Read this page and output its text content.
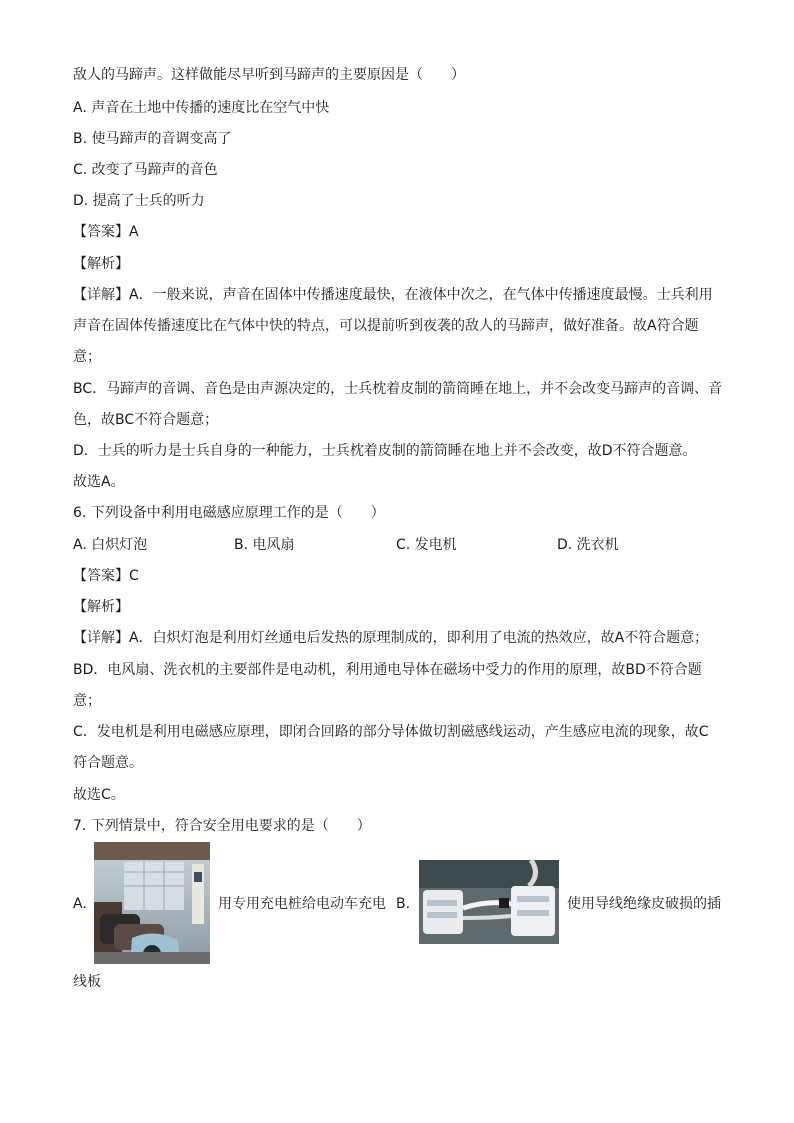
敌人的马蹄声。这样做能尽早听到马蹄声的主要原因是（　　）
A. 声音在土地中传播的速度比在空气中快
B. 使马蹄声的音调变高了
C. 改变了马蹄声的音色
D. 提高了士兵的听力
【答案】A
【解析】
【详解】A．一般来说，声音在固体中传播速度最快，在液体中次之，在气体中传播速度最慢。士兵利用
声音在固体传播速度比在气体中快的特点，可以提前听到夜袭的敌人的马蹄声，做好准备。故A符合题
意；
BC．马蹄声的音调、音色是由声源决定的，士兵枕着皮制的箭筒睡在地上，并不会改变马蹄声的音调、音
色，故BC不符合题意；
D．士兵的听力是士兵自身的一种能力，士兵枕着皮制的箭筒睡在地上并不会改变，故D不符合题意。
故选A。
6. 下列设备中利用电磁感应原理工作的是（　　）
A. 白炽灯泡	B. 电风扇	C. 发电机	D. 洗衣机
【答案】C
【解析】
【详解】A．白炽灯泡是利用灯丝通电后发热的原理制成的，即利用了电流的热效应，故A不符合题意；
BD．电风扇、洗衣机的主要部件是电动机，利用通电导体在磁场中受力的作用的原理，故BD不符合题
意；
C．发电机是利用电磁感应原理，即闭合回路的部分导体做切割磁感线运动，产生感应电流的现象，故C
符合题意。
故选C。
7. 下列情景中，符合安全用电要求的是（　　）
A.	用专用充电桩给电动车充电 B.	使用导线绝缘皮破损的插
线板
